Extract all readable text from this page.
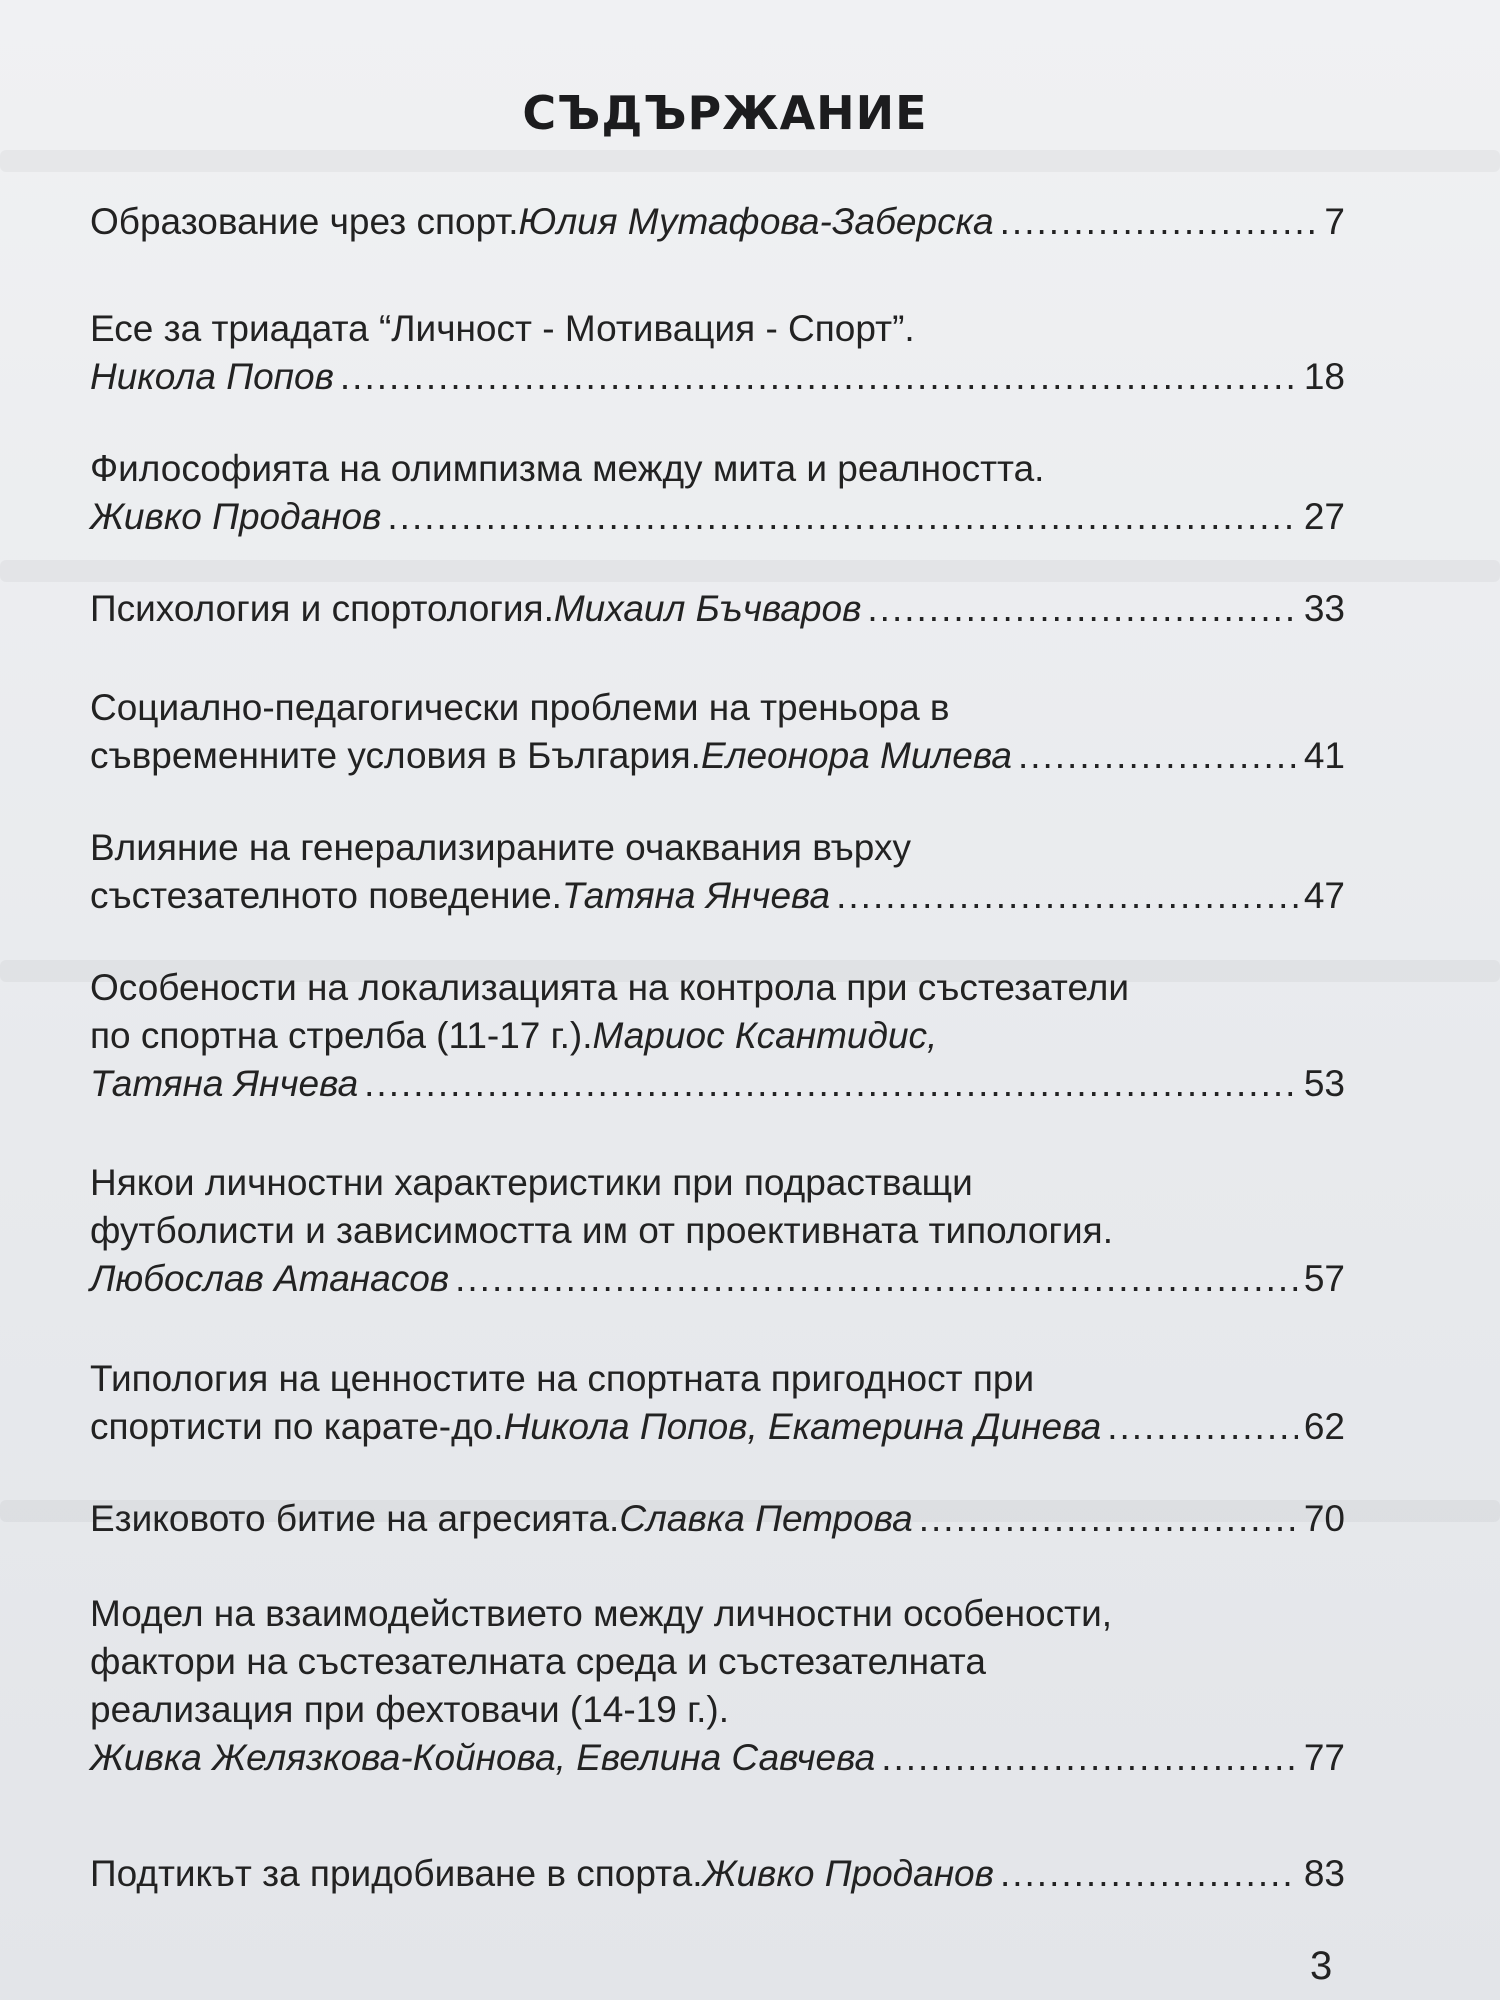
СЪДЪРЖАНИЕ
Образование чрез спорт. Юлия Мутафова-Заберска .....	7
Есе за триадата “Личност - Мотивация - Спорт”.
Никола Попов .....	18
Философията на олимпизма между мита и реалността.
Живко Проданов .....	27
Психология и спортология. Михаил Бъчваров .....	33
Социално-педагогически проблеми на треньора в
съвременните условия в България. Елеонора Милева .....	41
Влияние на генерализираните очаквания върху
състезателното поведение. Татяна Янчева .....	47
Особености на локализацията на контрола при състезатели
по спортна стрелба (11-17 г.). Мариос Ксантидис,
Татяна Янчева .....	53
Някои личностни характеристики при подрастващи
футболисти и зависимостта им от проективната типология.
Любослав Атанасов .....	57
Типология на ценностите на спортната пригодност при
спортисти по карате-до. Никола Попов, Екатерина Динева .....	62
Езиковото битие на агресията. Славка Петрова .....	70
Модел на взаимодействието между личностни особености,
фактори на състезателната среда и състезателната
реализация при фехтовачи (14-19 г.).
Живка Желязкова-Койнова, Евелина Савчева .....	77
Подтикът за придобиване в спорта. Живко Проданов .....	83
3
